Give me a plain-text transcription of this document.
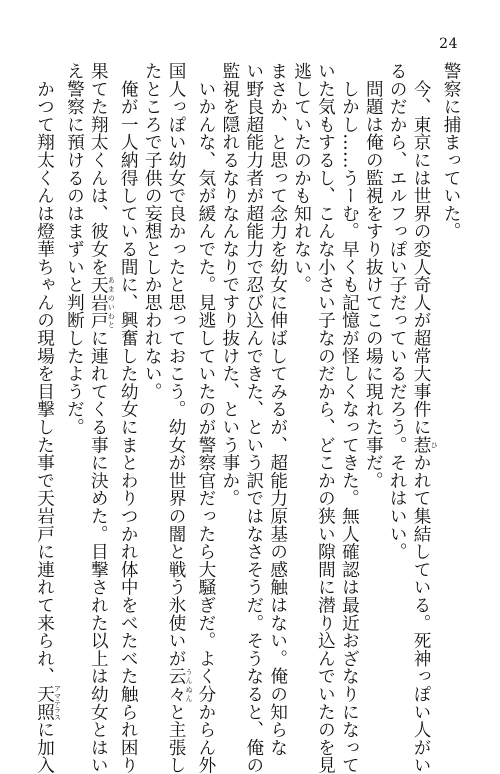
24
警察に捕まっていた。
　今、東京には世界の変人奇人が超常大事件に惹 ひかれて集結している。死神っぽい人がい
るのだから、エルフっぽい子だっているだろう。それはいい。
　問題は俺の監視をすり抜けてこの場に現れた事だ。
　しかし……うーむ。早くも記憶が怪しくなってきた。無人確認は最近おざなりになって
いた気もするし、こんな小さい子なのだから、どこかの狭い隙間に潜り込んでいたのを見
逃していたのかも知れない。
まさか、と思って念力を幼女に伸ばしてみるが、超能力原基の感触はない。俺の知らな
い野良超能力者が超能力で忍び込んできた、という訳ではなさそうだ。そうなると、俺の
監視を隠れるなりなんなりですり抜けた、という事か。
　いかんな、気が緩んでた。見逃していたのが警察官だったら大騒ぎだ。よく分からん外
国人っぽい幼女で良かったと思っておこう。幼女が世界の闇と戦う氷使いが云々 うんぬんと主張し
たところで子供の妄想としか思われない。
　俺が一人納得している間に、興奮した幼女にまとわりつかれ体中をべたべた触られ困り
果てた翔太くんは、彼女を天岩戸 あまのいわとに連れてくる事に決めた。目撃された以上は幼女とはい
え警察に預けるのはまずいと判断したようだ。
　かつて翔太くんは燈華ちゃんの現場を目撃した事で天岩戸に連れて来られ、天照 アマテラスに加入
